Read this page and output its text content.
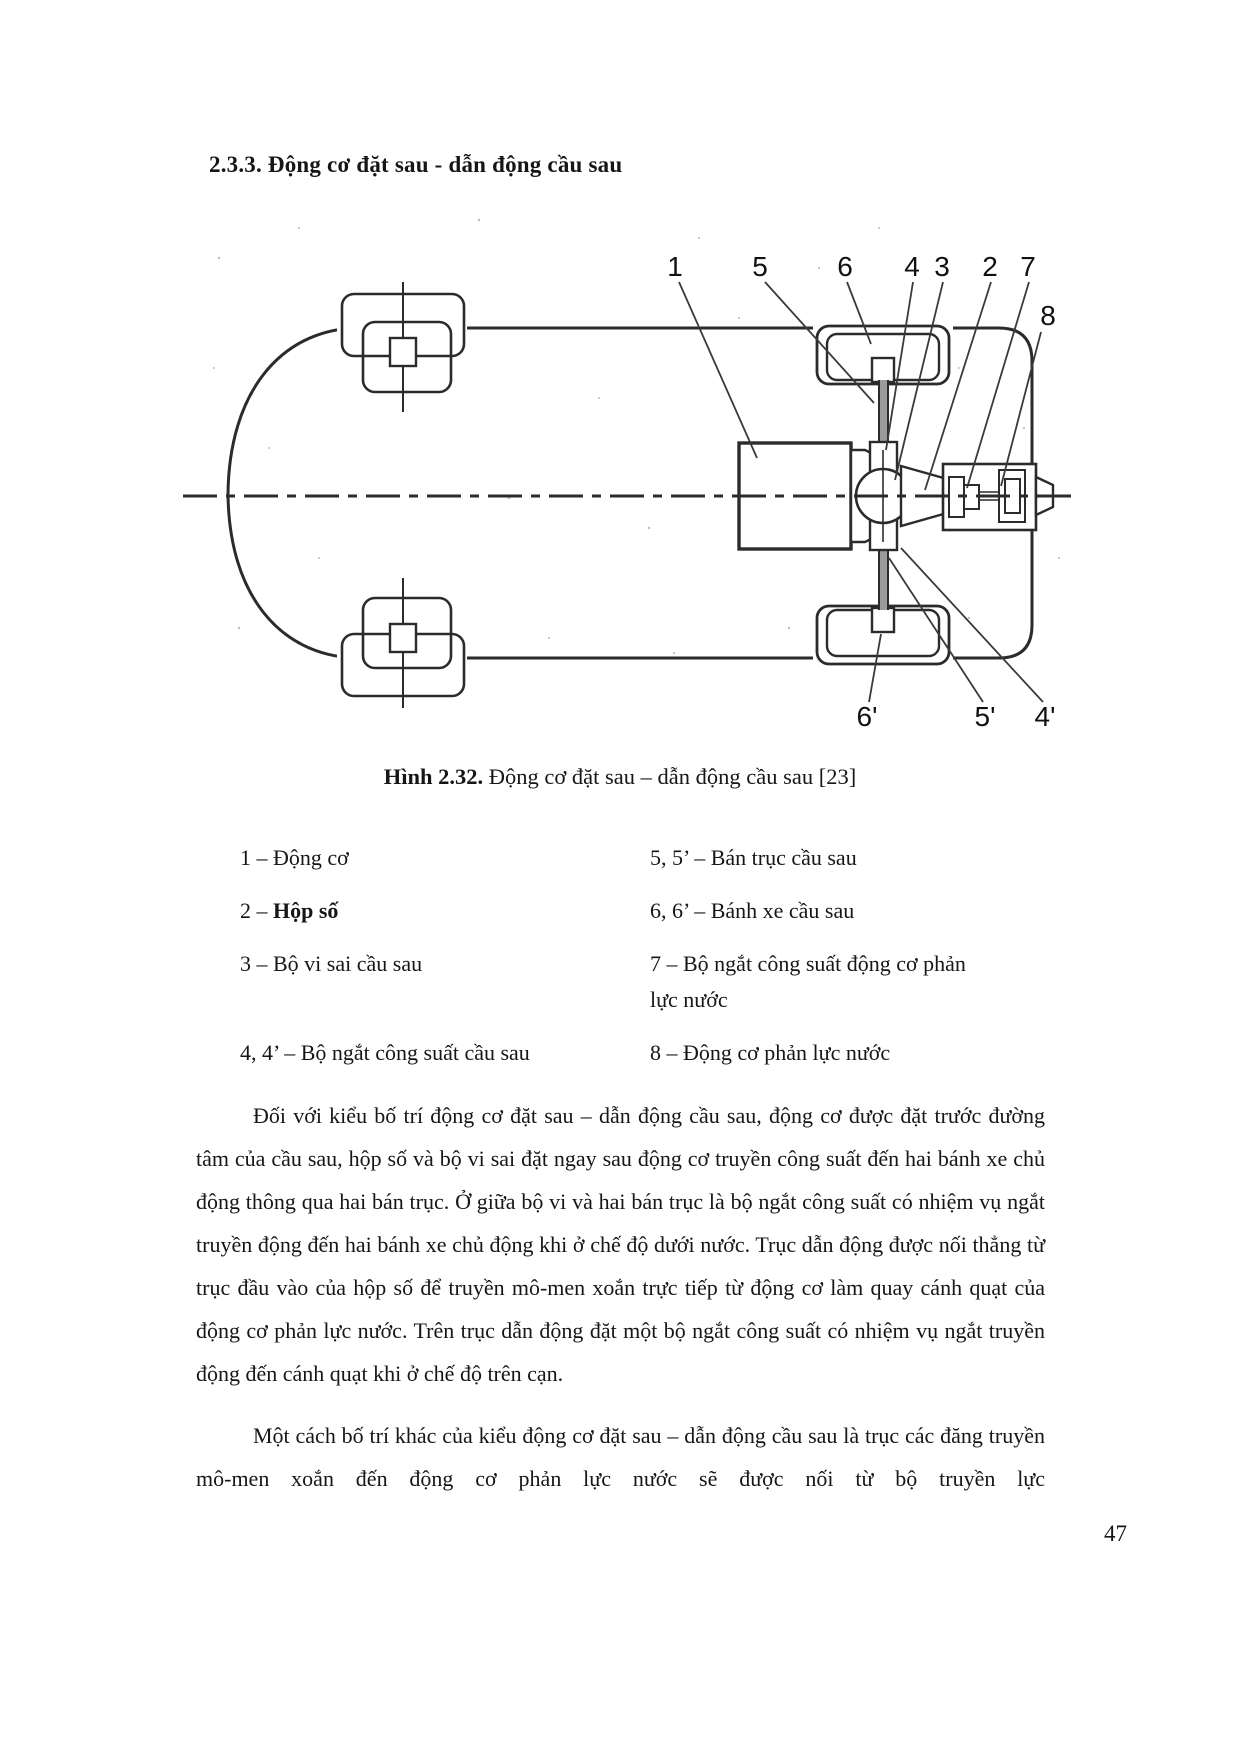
2.3.3. Động cơ đặt sau - dẫn động cầu sau
1 5 6 4 3 2 7
8
6'	5' 4'
Hình 2.32. Động cơ đặt sau – dẫn động cầu sau [23]
1 – Động cơ	5, 5’ – Bán trục cầu sau
2 – Hộp số	6, 6’ – Bánh xe cầu sau
3 – Bộ vi sai cầu sau	7 – Bộ ngắt công suất động cơ phản lực nước
4, 4’ – Bộ ngắt công suất cầu sau	8 – Động cơ phản lực nước

Đối với kiểu bố trí động cơ đặt sau – dẫn động cầu sau, động cơ được đặt trước đường tâm của cầu sau, hộp số và bộ vi sai đặt ngay sau động cơ truyền công suất đến hai bánh xe chủ động thông qua hai bán trục. Ở giữa bộ vi và hai bán trục là bộ ngắt công suất có nhiệm vụ ngắt truyền động đến hai bánh xe chủ động khi ở chế độ dưới nước. Trục dẫn động được nối thẳng từ trục đầu vào của hộp số để truyền mô-men xoắn trực tiếp từ động cơ làm quay cánh quạt của động cơ phản lực nước. Trên trục dẫn động đặt một bộ ngắt công suất có nhiệm vụ ngắt truyền động đến cánh quạt khi ở chế độ trên cạn.

Một cách bố trí khác của kiểu động cơ đặt sau – dẫn động cầu sau là trục các đăng truyền mô-men xoắn đến động cơ phản lực nước sẽ được nối từ bộ truyền lực

47
